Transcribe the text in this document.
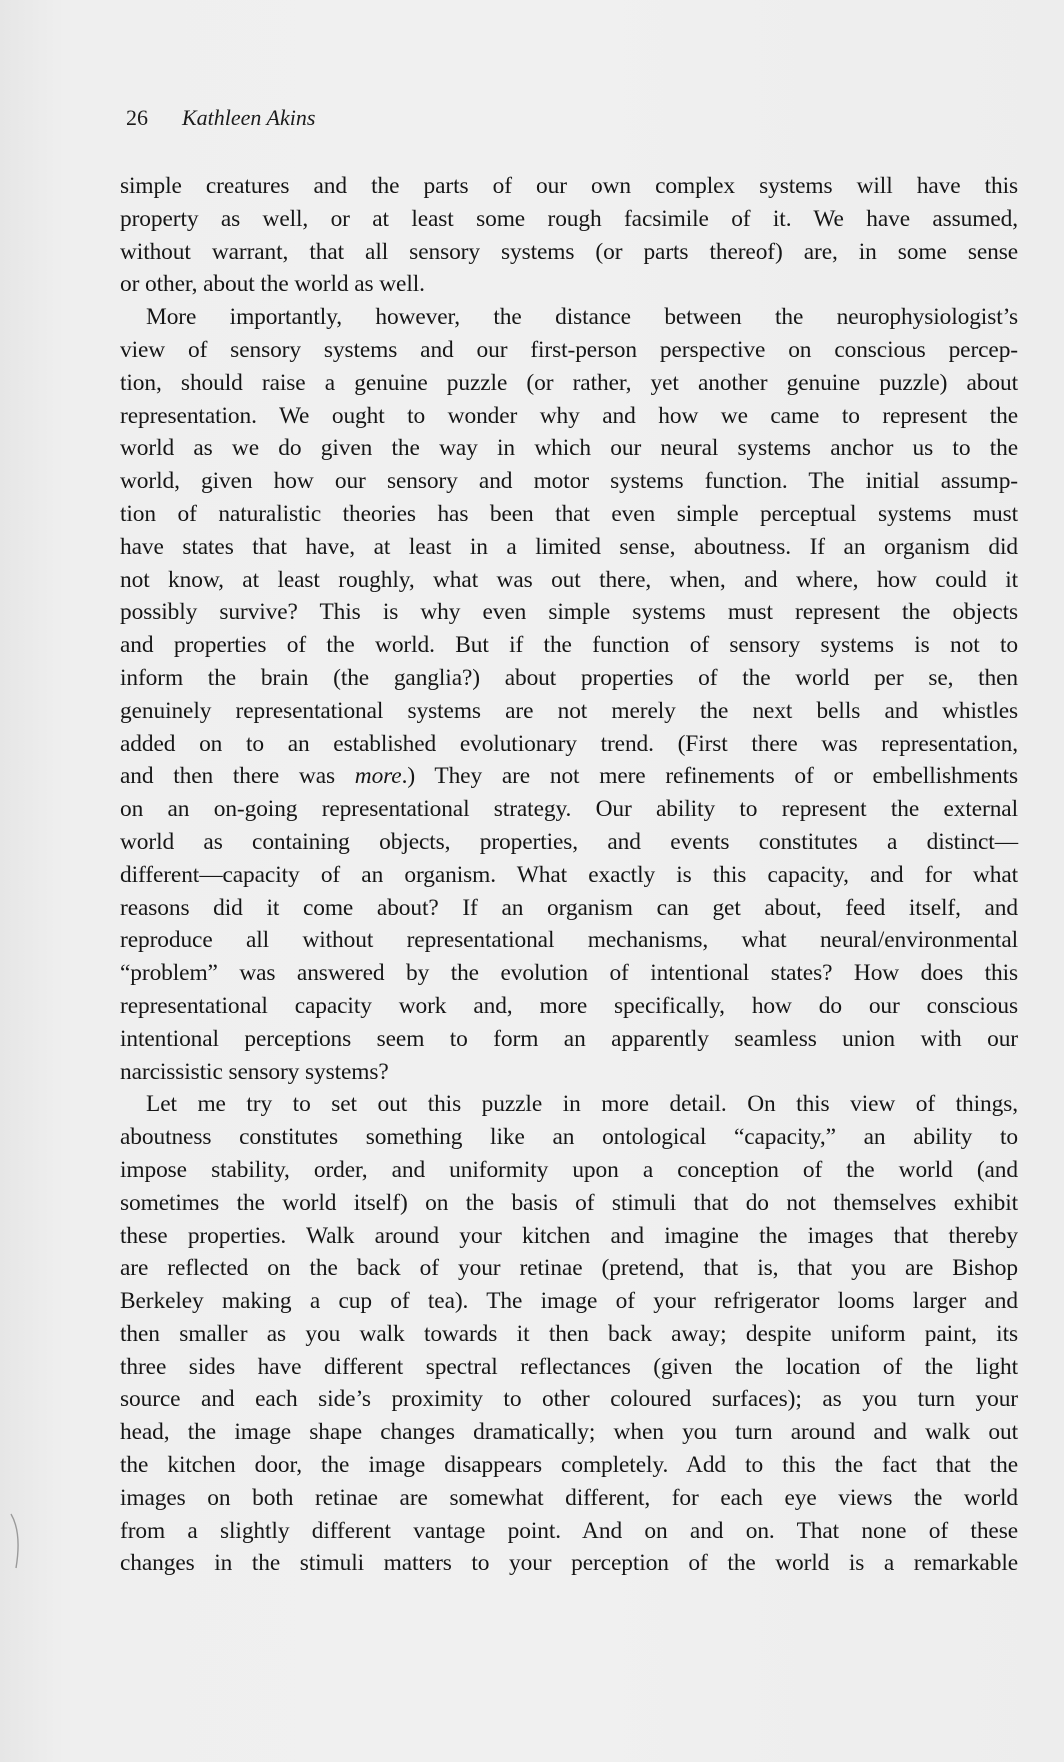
26 Kathleen Akins

simple creatures and the parts of our own complex systems will have this
property as well, or at least some rough facsimile of it. We have assumed,
without warrant, that all sensory systems (or parts thereof) are, in some sense
or other, about the world as well.

More importantly, however, the distance between the neurophysiologist’s
view of sensory systems and our first-person perspective on conscious percep-
tion, should raise a genuine puzzle (or rather, yet another genuine puzzle) about
representation. We ought to wonder why and how we came to represent the
world as we do given the way in which our neural systems anchor us to the
world, given how our sensory and motor systems function. The initial assump-
tion of naturalistic theories has been that even simple perceptual systems must
have states that have, at least in a limited sense, aboutness. If an organism did
not know, at least roughly, what was out there, when, and where, how could it
possibly survive? This is why even simple systems must represent the objects
and properties of the world. But if the function of sensory systems is not to
inform the brain (the ganglia?) about properties of the world per se, then
genuinely representational systems are not merely the next bells and whistles
added on to an established evolutionary trend. (First there was representation,
and then there was more.) They are not mere refinements of or embellishments
on an on-going representational strategy. Our ability to represent the external
world as containing objects, properties, and events constitutes a distinct—
different—capacity of an organism. What exactly is this capacity, and for what
reasons did it come about? If an organism can get about, feed itself, and
reproduce all without representational mechanisms, what neural/environmental
“problem” was answered by the evolution of intentional states? How does this
representational capacity work and, more specifically, how do our conscious
intentional perceptions seem to form an apparently seamless union with our
narcissistic sensory systems?

Let me try to set out this puzzle in more detail. On this view of things,
aboutness constitutes something like an ontological “capacity,” an ability to
impose stability, order, and uniformity upon a conception of the world (and
sometimes the world itself) on the basis of stimuli that do not themselves exhibit
these properties. Walk around your kitchen and imagine the images that thereby
are reflected on the back of your retinae (pretend, that is, that you are Bishop
Berkeley making a cup of tea). The image of your refrigerator looms larger and
then smaller as you walk towards it then back away; despite uniform paint, its
three sides have different spectral reflectances (given the location of the light
source and each side’s proximity to other coloured surfaces); as you turn your
head, the image shape changes dramatically; when you turn around and walk out
the kitchen door, the image disappears completely. Add to this the fact that the
images on both retinae are somewhat different, for each eye views the world
from a slightly different vantage point. And on and on. That none of these
changes in the stimuli matters to your perception of the world is a remarkable
